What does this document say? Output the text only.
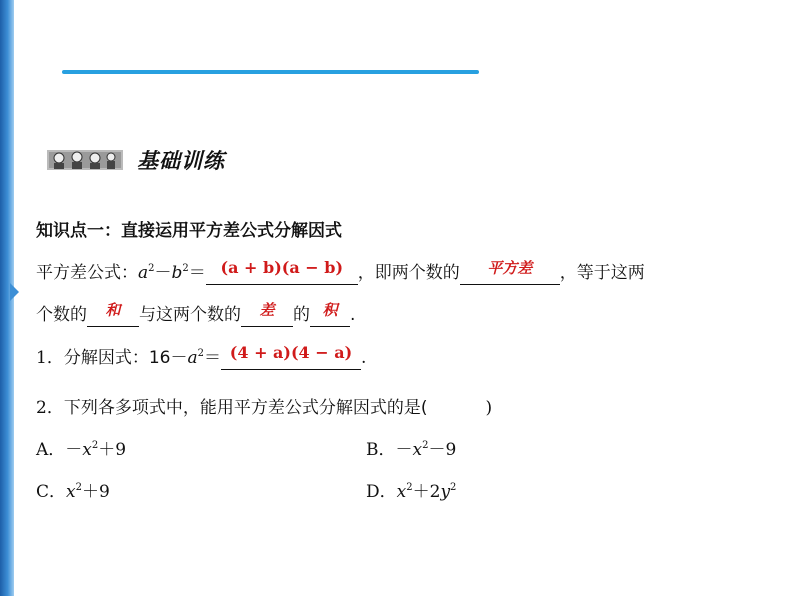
基础训练
知识点一：直接运用平方差公式分解因式
平方差公式：$a^2-b^2= (a + b)(a - b)$ ，即两个数的 平方差 ，等于这两
个数的 和 与这两个数的 差 的 积 .
1．分解因式：$16-a^2= (4 + a)(4 - a)$ .
2．下列各多项式中，能用平方差公式分解因式的是(	)
A．$-x^2+9$	B．$-x^2-9$
C．$x^2+9$	D．$x^2+2y^2$
